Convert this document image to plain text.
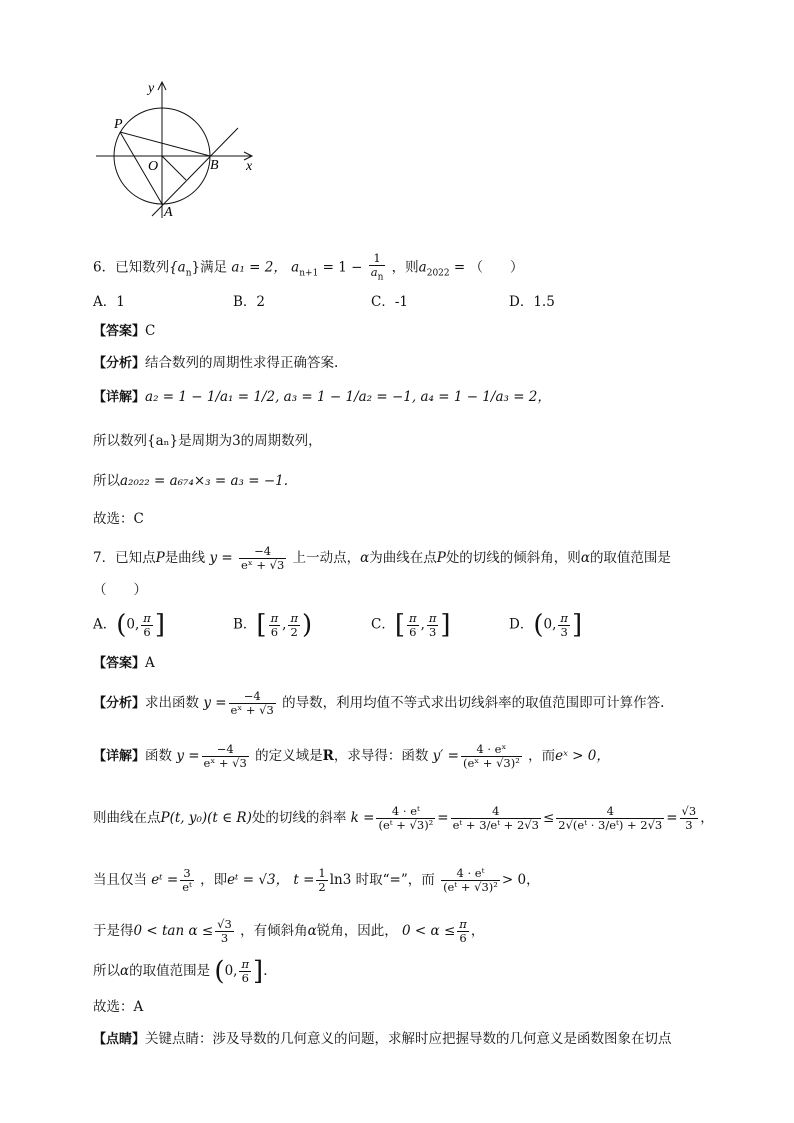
y
x
P
O	B
A
6．已知数列$\{a_n\}$满足 a₁ = 2， $a_{n+1} = 1 - \frac{1}{a_n}$ ，则$a_{2022}$ = （　　）
A．1	B．2	C．-1	D．1.5
【答案】C
【分析】结合数列的周期性求得正确答案.
【详解】a₂ = 1 − 1/a₁ = 1/2, a₃ = 1 − 1/a₂ = −1, a₄ = 1 − 1/a₃ = 2，
所以数列{aₙ}是周期为3的周期数列，
所以a₂₀₂₂ = a₆₇₄×₃ = a₃ = −1.
故选：C
7．已知点P是曲线 $y = \frac{-4}{\text{eˣ + √3}}$ 上一动点，α为曲线在点P处的切线的倾斜角，则α的取值范围是
（　　）
A．(0, $\frac{\pi}{6}$ ]	B．[ $\frac{\pi}{6}$ , $\frac{\pi}{2}$ )	C．[ $\frac{\pi}{6}$ , $\frac{\pi}{3}$ ]	D．(0, $\frac{\pi}{3}$ ]
【答案】A
【分析】求出函数 $y = \frac{-4}{\text{eˣ + √3}}$ 的导数，利用均值不等式求出切线斜率的取值范围即可计算作答.
【详解】函数 $y = \frac{-4}{\text{eˣ + √3}}$ 的定义域是R，求导得：函数 $y' = \frac{\text{4 · eˣ}}{\text{(eˣ + √3)²}}$ ，而eˣ > 0，
则曲线在点P(t, y₀)(t ∈ R)处的切线的斜率 $k = \frac{\text{4 · eᵗ}}{\text{(eᵗ + √3)²}} = \frac{4}{\text{eᵗ + 3/eᵗ + 2√3}} \le \frac{4}{\text{2√(eᵗ · 3/eᵗ) + 2√3}} = \frac{√3}{3}$ ，
当且仅当 eᵗ = $\frac{3}{\text{eᵗ}}$ ，即eᵗ = √3， $t = \frac{1}{2} \ln 3$ 时取“=”，而 $\frac{\text{4 · eᵗ}}{\text{(eᵗ + √3)²}} > 0$，
于是得$0 < \tan \alpha \le \frac{√3}{3}$ ，有倾斜角α锐角，因此， $0 < \alpha \le \frac{\pi}{6}$ ，
所以α的取值范围是 (0, $\frac{\pi}{6}$ ].
故选：A
【点睛】关键点睛：涉及导数的几何意义的问题，求解时应把握导数的几何意义是函数图象在切点
